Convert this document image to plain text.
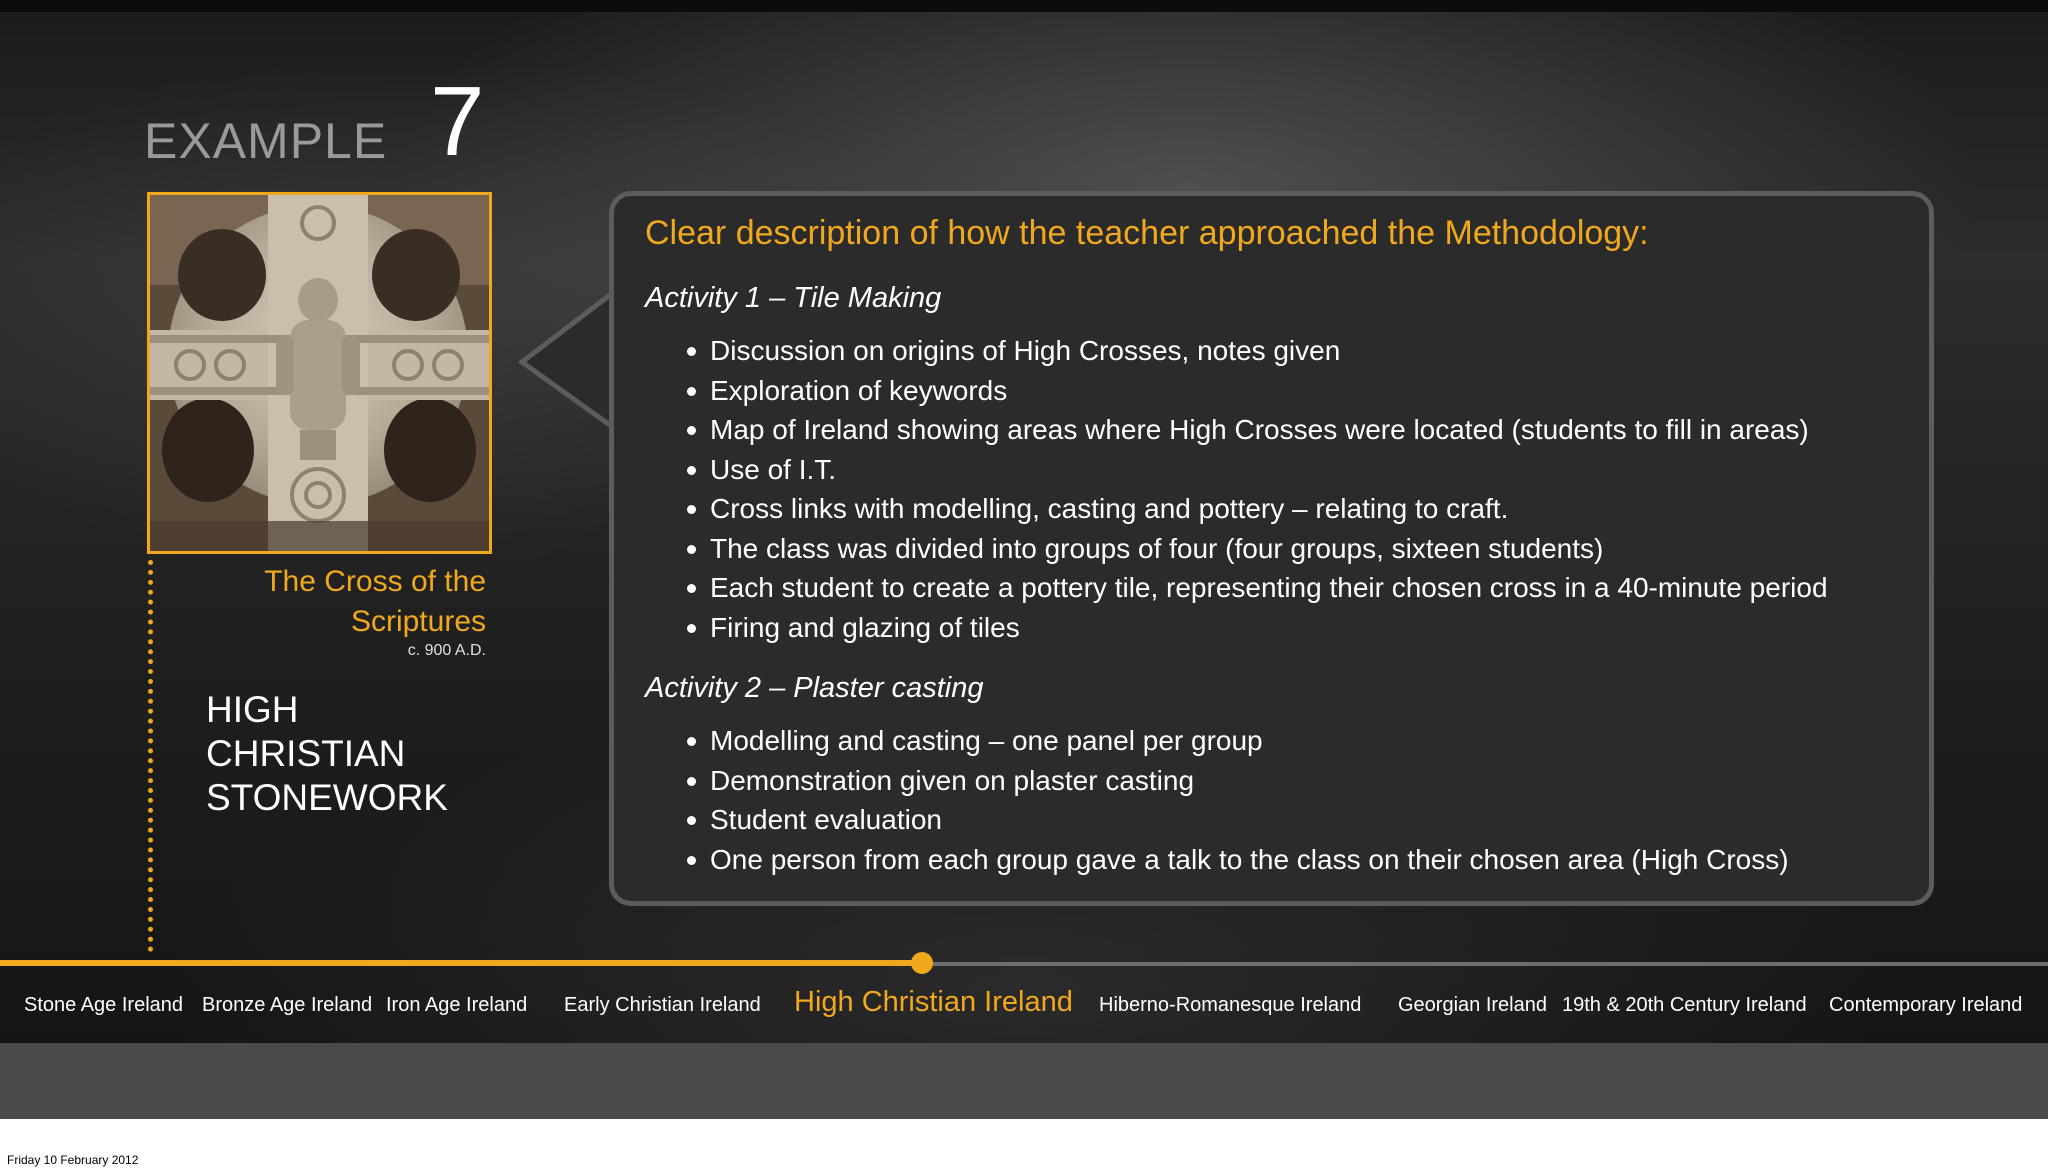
EXAMPLE 7
The Cross of the Scriptures
c. 900 A.D.
HIGH
CHRISTIAN
STONEWORK
Clear description of how the teacher approached the Methodology:
Activity 1 – Tile Making
Discussion on origins of High Crosses, notes given
Exploration of keywords
Map of Ireland showing areas where High Crosses were located (students to fill in areas)
Use of I.T.
Cross links with modelling, casting and pottery – relating to craft.
The class was divided into groups of four (four groups, sixteen students)
Each student to create a pottery tile, representing their chosen cross in a 40-minute period
Firing and glazing of tiles
Activity 2 – Plaster casting
Modelling and casting – one panel per group
Demonstration given on plaster casting
Student evaluation
One person from each group gave a talk to the class on their chosen area (High Cross)
Stone Age Ireland Bronze Age Ireland Iron Age Ireland Early Christian Ireland High Christian Ireland Hiberno-Romanesque Ireland Georgian Ireland 19th & 20th Century Ireland Contemporary Ireland
Friday 10 February 2012
